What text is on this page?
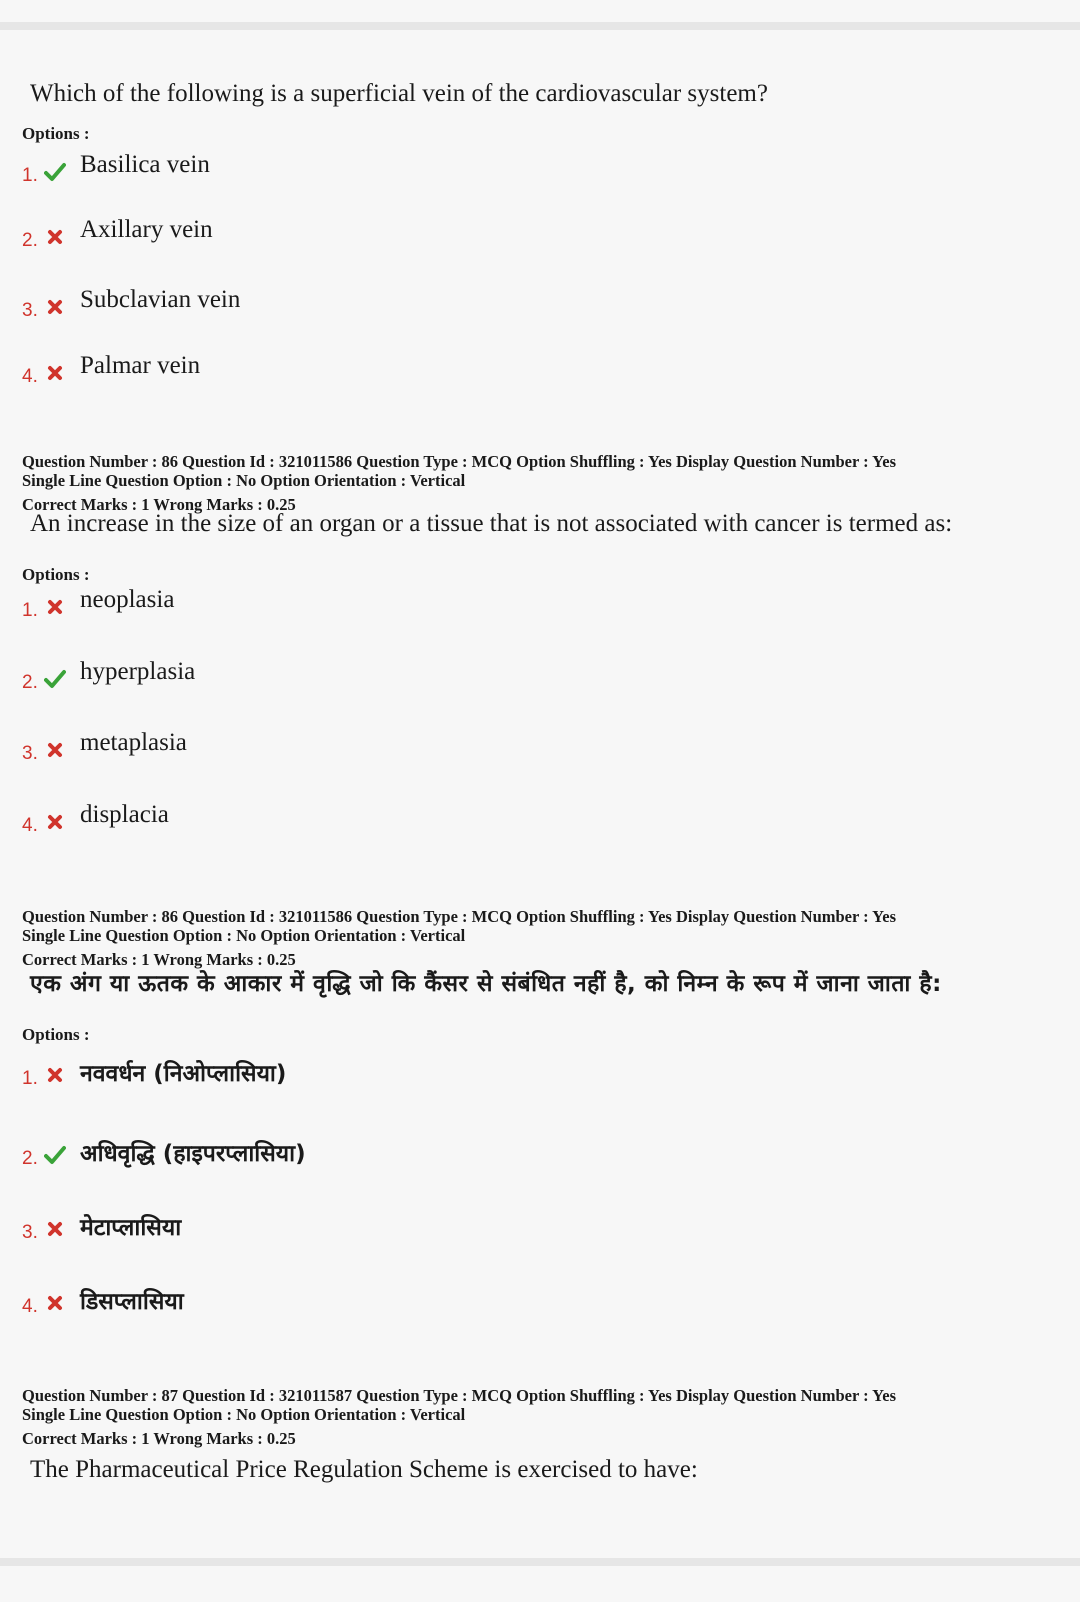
Which of the following is a superficial vein of the cardiovascular system?
Options :
1. Basilica vein
2. Axillary vein
3. Subclavian vein
4. Palmar vein
Question Number : 86 Question Id : 321011586 Question Type : MCQ Option Shuffling : Yes Display Question Number : Yes
Single Line Question Option : No Option Orientation : Vertical
Correct Marks : 1 Wrong Marks : 0.25
An increase in the size of an organ or a tissue that is not associated with cancer is termed as:
Options :
1. neoplasia
2. hyperplasia
3. metaplasia
4. displacia
Question Number : 86 Question Id : 321011586 Question Type : MCQ Option Shuffling : Yes Display Question Number : Yes
Single Line Question Option : No Option Orientation : Vertical
Correct Marks : 1 Wrong Marks : 0.25
एक अंग या ऊतक के आकार में वृद्धि जो कि कैंसर से संबंधित नहीं है, को निम्न के रूप में जाना जाता है:
Options :
1. नववर्धन (निओप्लासिया)
2. अधिवृद्धि (हाइपरप्लासिया)
3. मेटाप्लासिया
4. डिसप्लासिया
Question Number : 87 Question Id : 321011587 Question Type : MCQ Option Shuffling : Yes Display Question Number : Yes
Single Line Question Option : No Option Orientation : Vertical
Correct Marks : 1 Wrong Marks : 0.25
The Pharmaceutical Price Regulation Scheme is exercised to have:
